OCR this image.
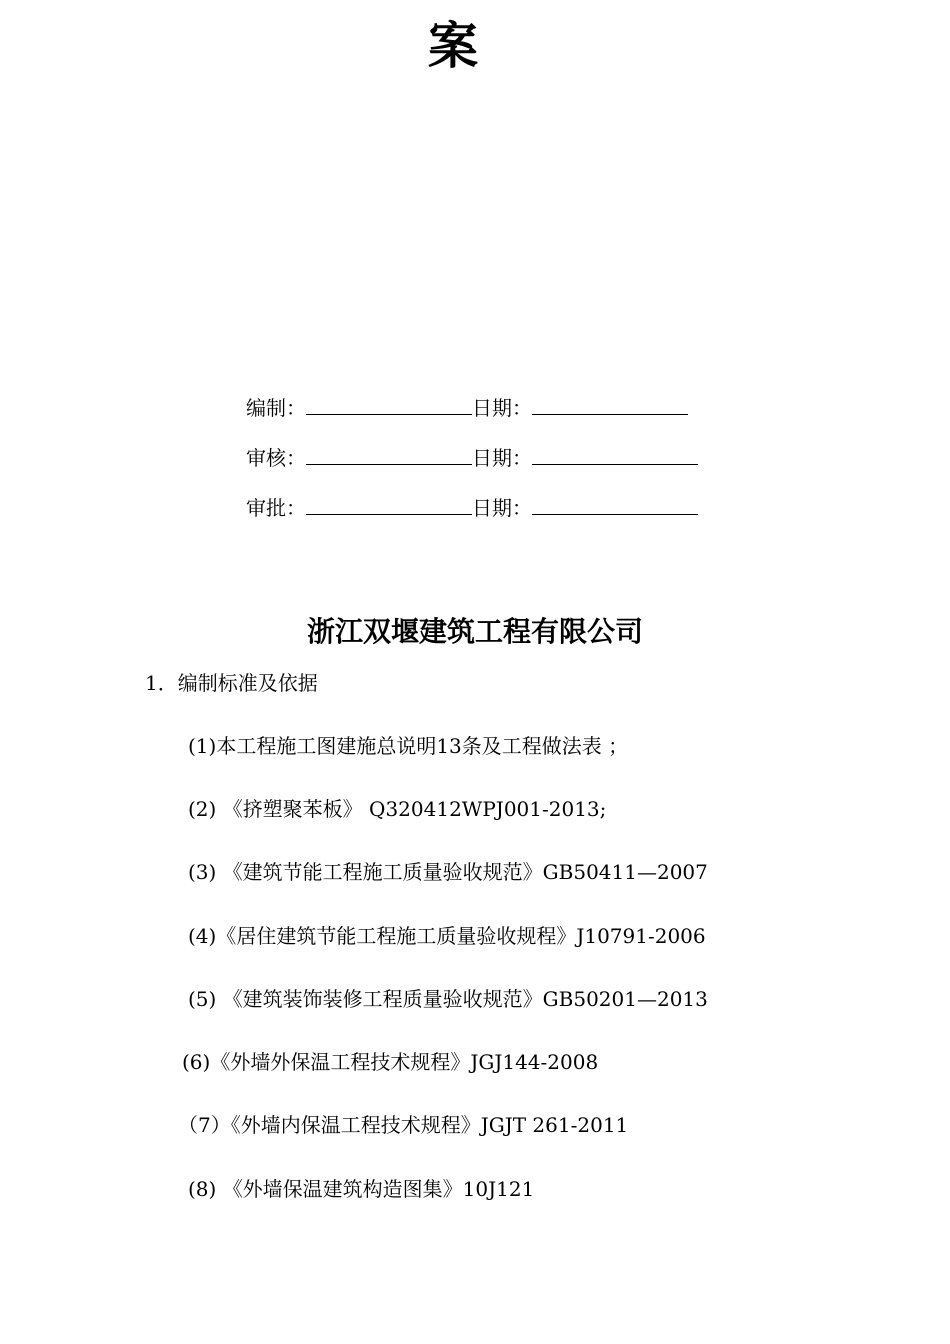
案
编制：	日期：
审核：	日期：
审批：	日期：
浙江双堰建筑工程有限公司
1．编制标准及依据
(1)本工程施工图建施总说明13条及工程做法表 ；
(2) 《挤塑聚苯板》 Q320412WPJ001-2013;
(3) 《建筑节能工程施工质量验收规范》GB50411—2007
(4)《居住建筑节能工程施工质量验收规程》J10791-2006
(5) 《建筑装饰装修工程质量验收规范》GB50201—2013
(6)《外墙外保温工程技术规程》JGJ144-2008
（7）《外墙内保温工程技术规程》JGJT 261-2011
(8) 《外墙保温建筑构造图集》10J121
